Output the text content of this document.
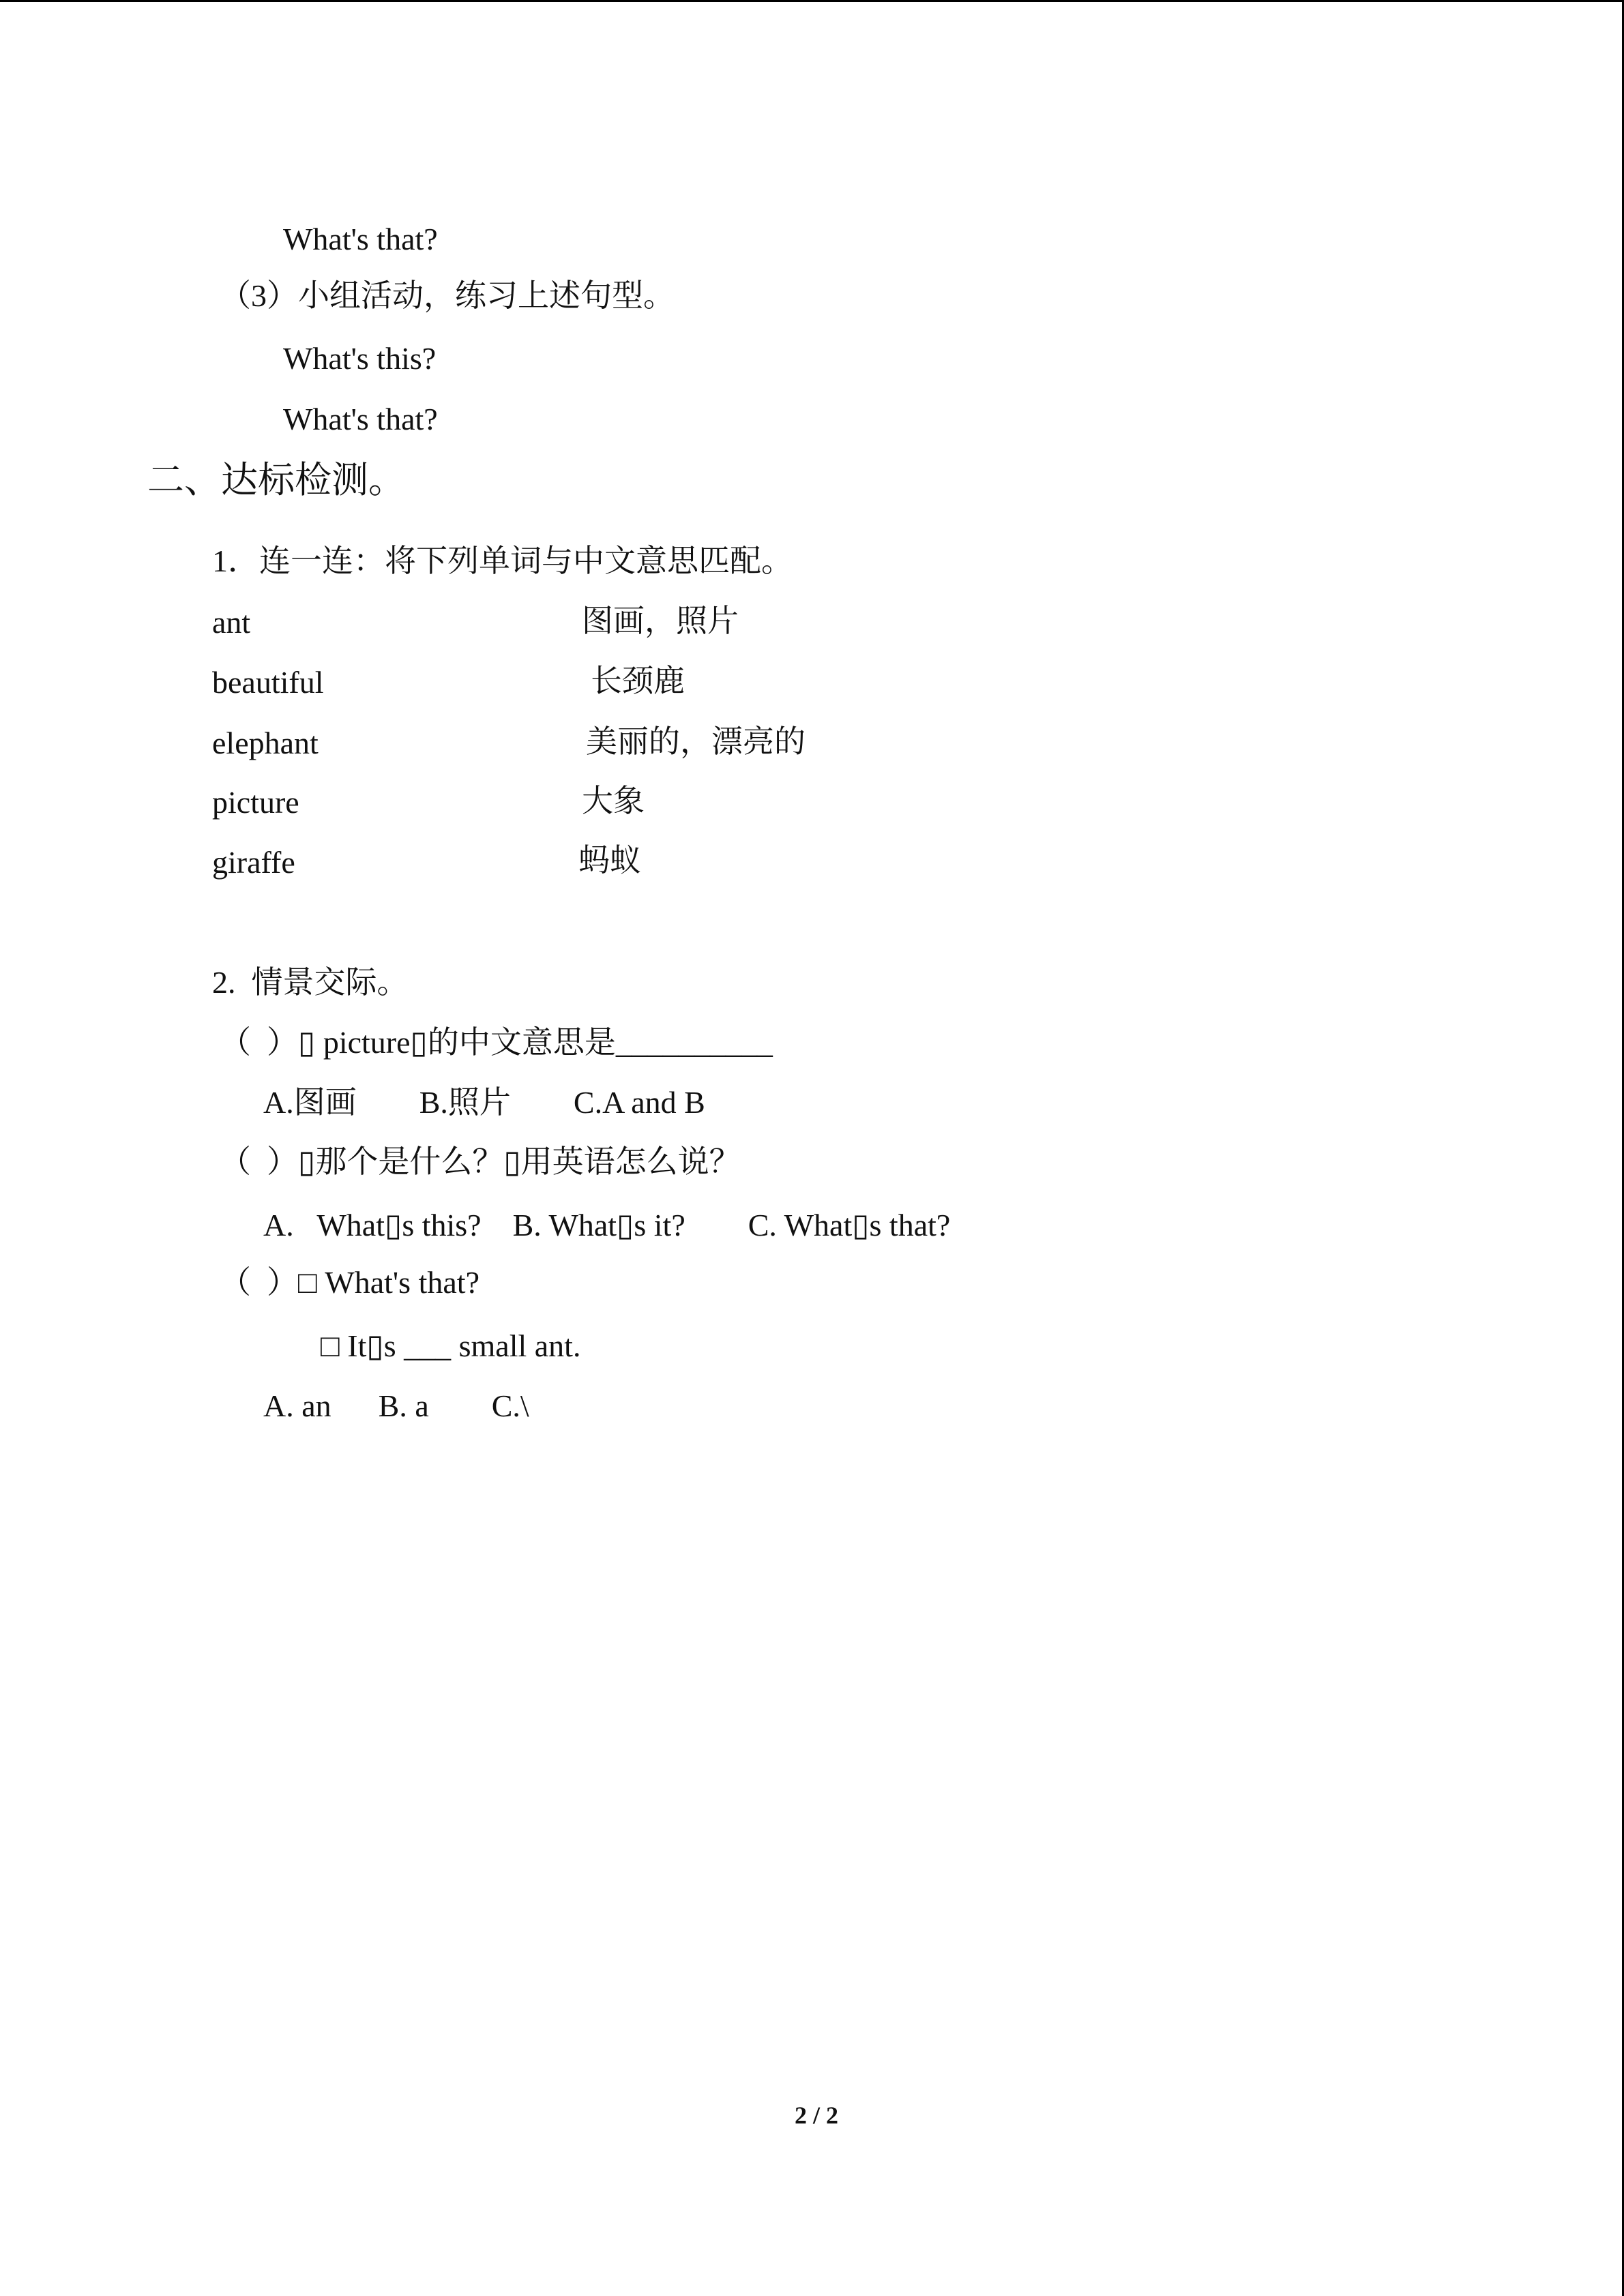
What's that?
（3）小组活动，练习上述句型。
What's this?
What's that?
二、达标检测。
1．连一连：将下列单词与中文意思匹配。
ant
beautiful
elephant
picture
giraffe
图画，照片
长颈鹿
美丽的，漂亮的
大象
蚂蚁
2.  情景交际。
（  ）▯ picture▯的中文意思是__________
A.图画        B.照片        C.A and B
（  ）▯那个是什么？▯用英语怎么说？
A.   What▯s this?    B. What▯s it?        C. What▯s that?
（  ）□ What's that?
□ It▯s ___ small ant.
A. an      B. a        C.\
2 / 2
